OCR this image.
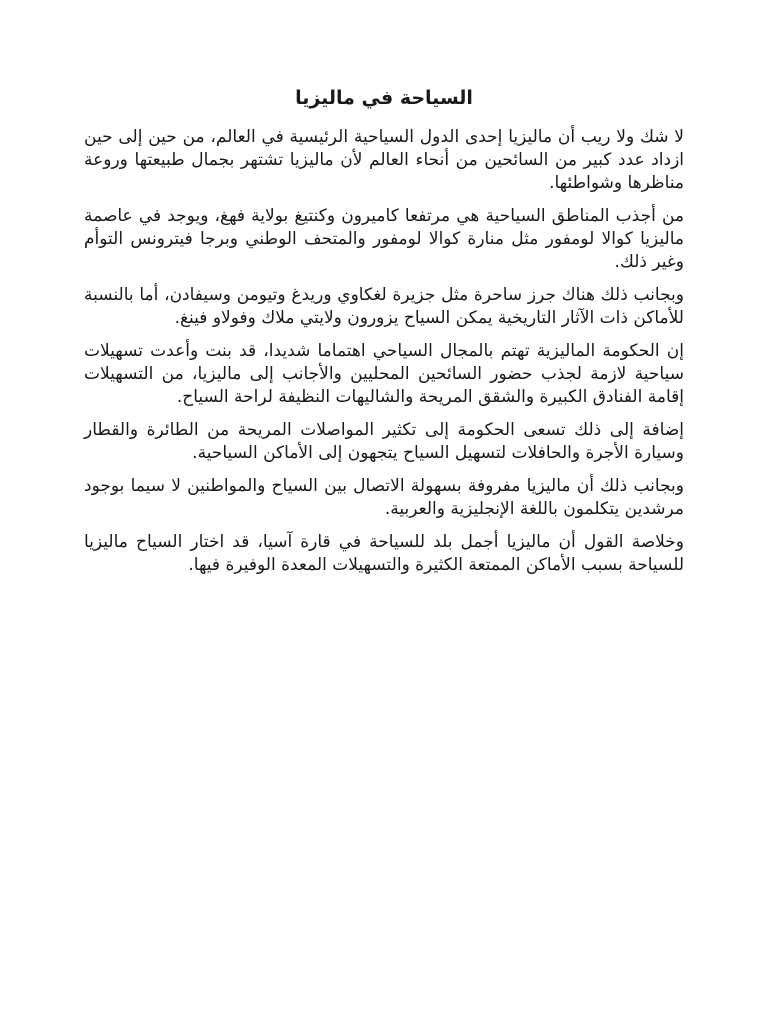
السياحة في ماليزيا

لا شك ولا ريب أن ماليزيا إحدى الدول السياحية الرئيسية في العالم، من حين إلى حين ازداد عدد كبير من السائحين من أنحاء العالم لأن ماليزيا تشتهر بجمال طبيعتها وروعة مناظرها وشواطئها.

من أجذب المناطق السياحية هي مرتفعا كاميرون وكنتيغ بولاية فهغ، ويوجد في عاصمة ماليزيا كوالا لومفور مثل منارة كوالا لومفور والمتحف الوطني وبرجا فيترونس التوأم وغير ذلك.

وبجانب ذلك هناك جرز ساحرة مثل جزيرة لغكاوي وريدغ وتيومن وسيفادن، أما بالنسبة للأماكن ذات الآثار التاريخية يمكن السياح يزورون ولايتي ملاك وفولاو فينغ.

إن الحكومة الماليزية تهتم بالمجال السياحي اهتماما شديدا، قد بنت وأعدت تسهيلات سياحية لازمة لجذب حضور السائحين المحليين والأجانب إلى ماليزيا، من التسهيلات إقامة الفنادق الكبيرة والشقق المريحة والشاليهات النظيفة لراحة السياح.

إضافة إلى ذلك تسعى الحكومة إلى تكثير المواصلات المريحة من الطائرة والقطار وسيارة الأجرة والحافلات لتسهيل السياح يتجهون إلى الأماكن السياحية.

وبجانب ذلك أن ماليزيا مفروفة بسهولة الاتصال بين السياح والمواطنين لا سيما بوجود مرشدين يتكلمون باللغة الإنجليزية والعربية.

وخلاصة القول أن ماليزيا أجمل بلد للسياحة في قارة آسيا، قد اختار السياح ماليزيا للسياحة بسبب الأماكن الممتعة الكثيرة والتسهيلات المعدة الوفيرة فيها.
